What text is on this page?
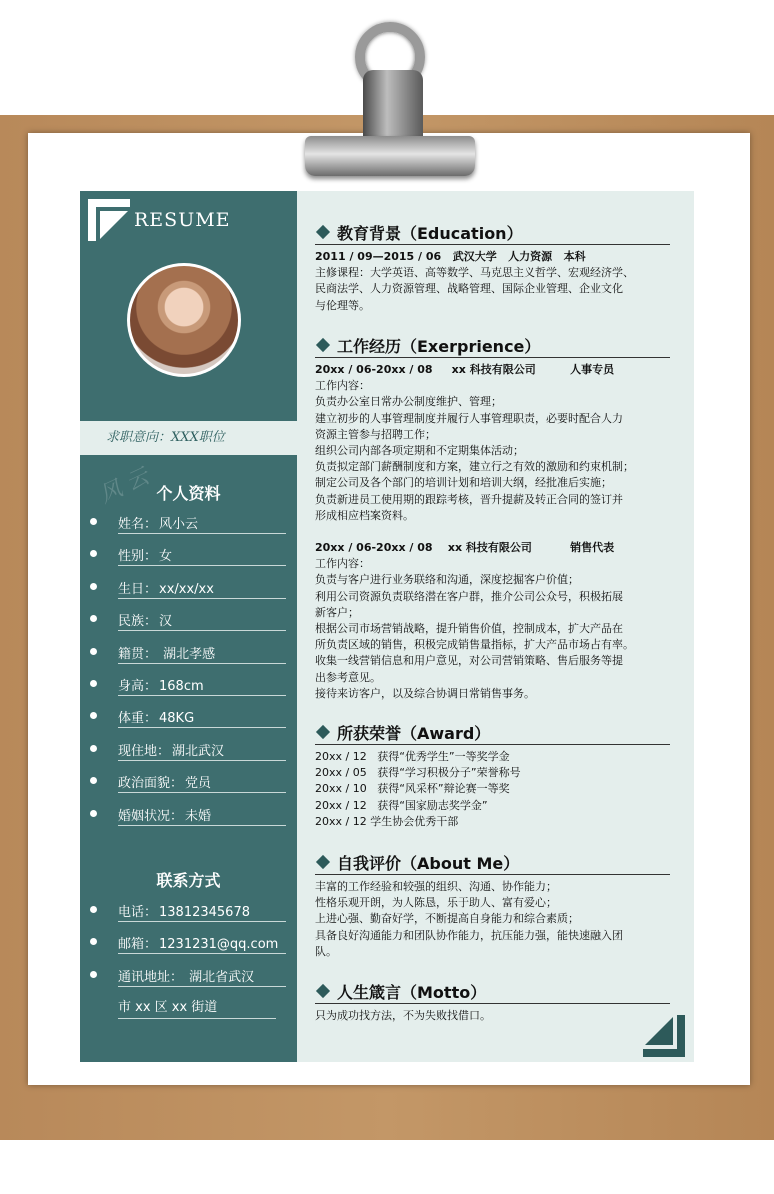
RESUME
求职意向：XXX职位
风 云 个人资料
姓名： 风小云
性别： 女
生日： xx/xx/xx
民族： 汉
籍贯： 湖北孝感
身高： 168cm
体重： 48KG
现住地： 湖北武汉
政治面貌： 党员
婚姻状况： 未婚
联系方式
电话： 13812345678
邮箱： 1231231@qq.com
通讯地址： 湖北省武汉
市 xx 区 xx 街道
教育背景（Education）
2011 / 09—2015 / 06   武汉大学   人力资源   本科
主修课程：大学英语、高等数学、马克思主义哲学、宏观经济学、
民商法学、人力资源管理、战略管理、国际企业管理、企业文化
与伦理等。
工作经历（Exerprience）
20xx / 06-20xx / 08     xx 科技有限公司         人事专员
工作内容：
负责办公室日常办公制度维护、管理；
建立初步的人事管理制度并履行人事管理职责，必要时配合人力
资源主管参与招聘工作；
组织公司内部各项定期和不定期集体活动；
负责拟定部门薪酬制度和方案，建立行之有效的激励和约束机制；
制定公司及各个部门的培训计划和培训大纲，经批准后实施；
负责新进员工使用期的跟踪考核，晋升提薪及转正合同的签订并
形成相应档案资料。
20xx / 06-20xx / 08    xx 科技有限公司          销售代表
工作内容：
负责与客户进行业务联络和沟通，深度挖掘客户价值；
利用公司资源负责联络潜在客户群，推介公司公众号，积极拓展
新客户；
根据公司市场营销战略，提升销售价值，控制成本，扩大产品在
所负责区域的销售，积极完成销售量指标，扩大产品市场占有率。
收集一线营销信息和用户意见，对公司营销策略、售后服务等提
出参考意见。
接待来访客户，以及综合协调日常销售事务。
所获荣誉（Award）
20xx / 12   获得“优秀学生”一等奖学金
20xx / 05   获得“学习积极分子”荣誉称号
20xx / 10   获得“风采杯”辩论赛一等奖
20xx / 12   获得“国家励志奖学金”
20xx / 12 学生协会优秀干部
自我评价（About Me）
丰富的工作经验和较强的组织、沟通、协作能力；
性格乐观开朗，为人陈恳，乐于助人、富有爱心；
上进心强、勤奋好学，不断提高自身能力和综合素质；
具备良好沟通能力和团队协作能力，抗压能力强，能快速融入团
队。
人生箴言（Motto）
只为成功找方法，不为失败找借口。
